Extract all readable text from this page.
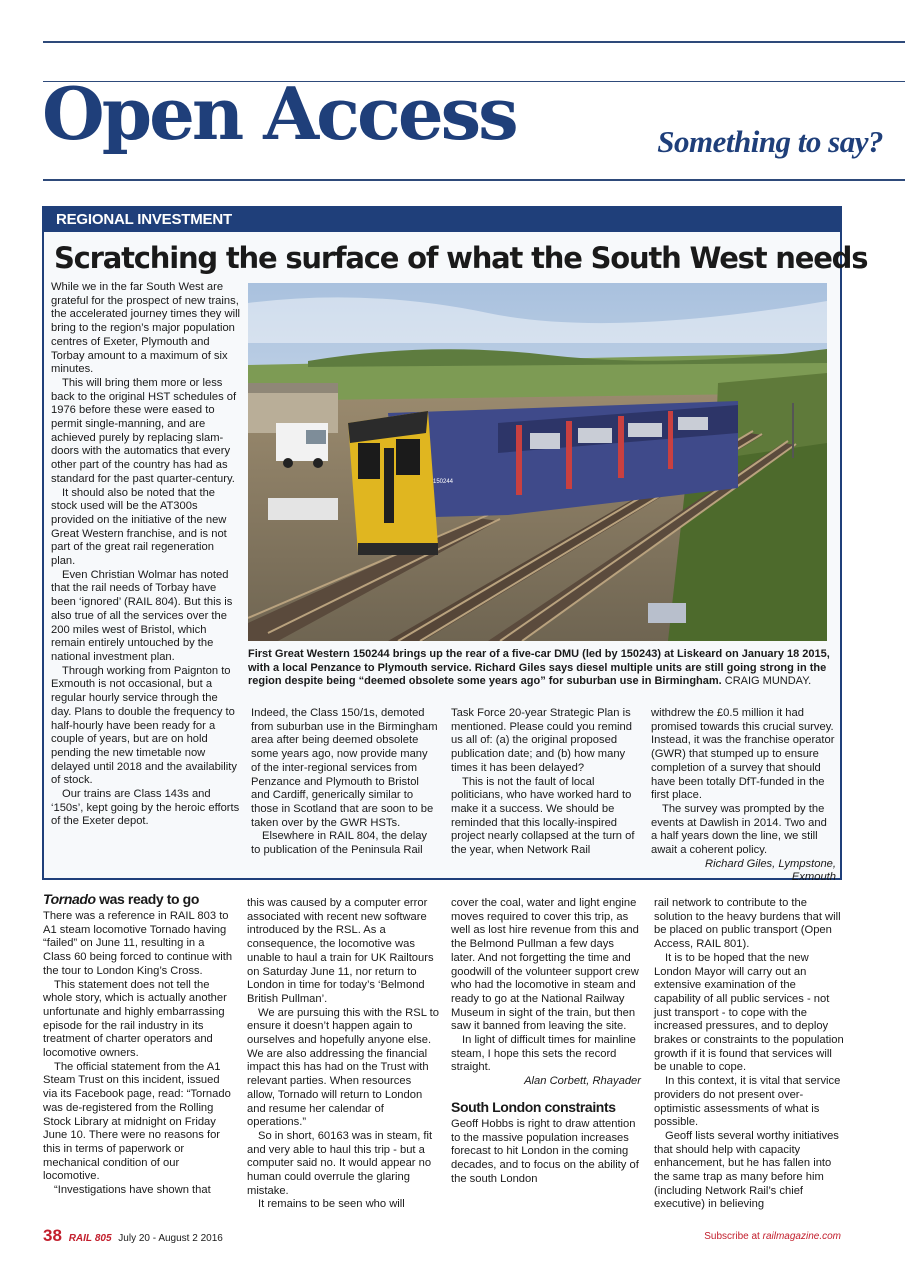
Open Access	Something to say?
REGIONAL INVESTMENT
Scratching the surface of what the South West needs

While we in the far South West are grateful for the prospect of new trains, the accelerated journey times they will bring to the region’s major population centres of Exeter, Plymouth and Torbay amount to a maximum of six minutes.

This will bring them more or less back to the original HST schedules of 1976 before these were eased to permit single-manning, and are achieved purely by replacing slam-doors with the automatics that every other part of the country has had as standard for the past quarter-century.

It should also be noted that the stock used will be the AT300s provided on the initiative of the new Great Western franchise, and is not part of the great rail regeneration plan.

Even Christian Wolmar has noted that the rail needs of Torbay have been ‘ignored’ (RAIL 804). But this is also true of all the services over the 200 miles west of Bristol, which remain entirely untouched by the national investment plan.

Through working from Paignton to Exmouth is not occasional, but a regular hourly service through the day. Plans to double the frequency to half-hourly have been ready for a couple of years, but are on hold pending the new timetable now delayed until 2018 and the availability of stock.

Our trains are Class 143s and ‘150s’, kept going by the heroic efforts of the Exeter depot.

150244
First Great Western 150244 brings up the rear of a five-car DMU (led by 150243) at Liskeard on January 18 2015, with a local Penzance to Plymouth service. Richard Giles says diesel multiple units are still going strong in the region despite being “deemed obsolete some years ago” for suburban use in Birmingham. CRAIG MUNDAY.

Indeed, the Class 150/1s, demoted from suburban use in the Birmingham area after being deemed obsolete some years ago, now provide many of the inter-regional services from Penzance and Plymouth to Bristol and Cardiff, generically similar to those in Scotland that are soon to be taken over by the GWR HSTs.

Elsewhere in RAIL 804, the delay to publication of the Peninsula Rail

Task Force 20-year Strategic Plan is mentioned. Please could you remind us all of: (a) the original proposed publication date; and (b) how many times it has been delayed?

This is not the fault of local politicians, who have worked hard to make it a success. We should be reminded that this locally-inspired project nearly collapsed at the turn of the year, when Network Rail

withdrew the £0.5 million it had promised towards this crucial survey. Instead, it was the franchise operator (GWR) that stumped up to ensure completion of a survey that should have been totally DfT-funded in the first place.

The survey was prompted by the events at Dawlish in 2014. Two and a half years down the line, we still await a coherent policy.

Richard Giles, Lympstone, Exmouth

Tornado was ready to go

There was a reference in RAIL 803 to A1 steam locomotive Tornado having “failed” on June 11, resulting in a Class 60 being forced to continue with the tour to London King’s Cross.

This statement does not tell the whole story, which is actually another unfortunate and highly embarrassing episode for the rail industry in its treatment of charter operators and locomotive owners.

The official statement from the A1 Steam Trust on this incident, issued via its Facebook page, read: “Tornado was de-registered from the Rolling Stock Library at midnight on Friday June 10. There were no reasons for this in terms of paperwork or mechanical condition of our locomotive.

“Investigations have shown that

this was caused by a computer error associated with recent new software introduced by the RSL. As a consequence, the locomotive was unable to haul a train for UK Railtours on Saturday June 11, nor return to London in time for today’s ‘Belmond British Pullman’.

We are pursuing this with the RSL to ensure it doesn’t happen again to ourselves and hopefully anyone else. We are also addressing the financial impact this has had on the Trust with relevant parties. When resources allow, Tornado will return to London and resume her calendar of operations.”

So in short, 60163 was in steam, fit and very able to haul this trip - but a computer said no. It would appear no human could overrule the glaring mistake.

It remains to be seen who will

cover the coal, water and light engine moves required to cover this trip, as well as lost hire revenue from this and the Belmond Pullman a few days later. And not forgetting the time and goodwill of the volunteer support crew who had the locomotive in steam and ready to go at the National Railway Museum in sight of the train, but then saw it banned from leaving the site.

In light of difficult times for mainline steam, I hope this sets the record straight.

Alan Corbett, Rhayader

South London constraints

Geoff Hobbs is right to draw attention to the massive population increases forecast to hit London in the coming decades, and to focus on the ability of the south London

rail network to contribute to the solution to the heavy burdens that will be placed on public transport (Open Access, RAIL 801).

It is to be hoped that the new London Mayor will carry out an extensive examination of the capability of all public services - not just transport - to cope with the increased pressures, and to deploy brakes or constraints to the population growth if it is found that services will be unable to cope.

In this context, it is vital that service providers do not present over-optimistic assessments of what is possible.

Geoff lists several worthy initiatives that should help with capacity enhancement, but he has fallen into the same trap as many before him (including Network Rail’s chief executive) in believing

38 RAIL 805 July 20 - August 2 2016	Subscribe at railmagazine.com
